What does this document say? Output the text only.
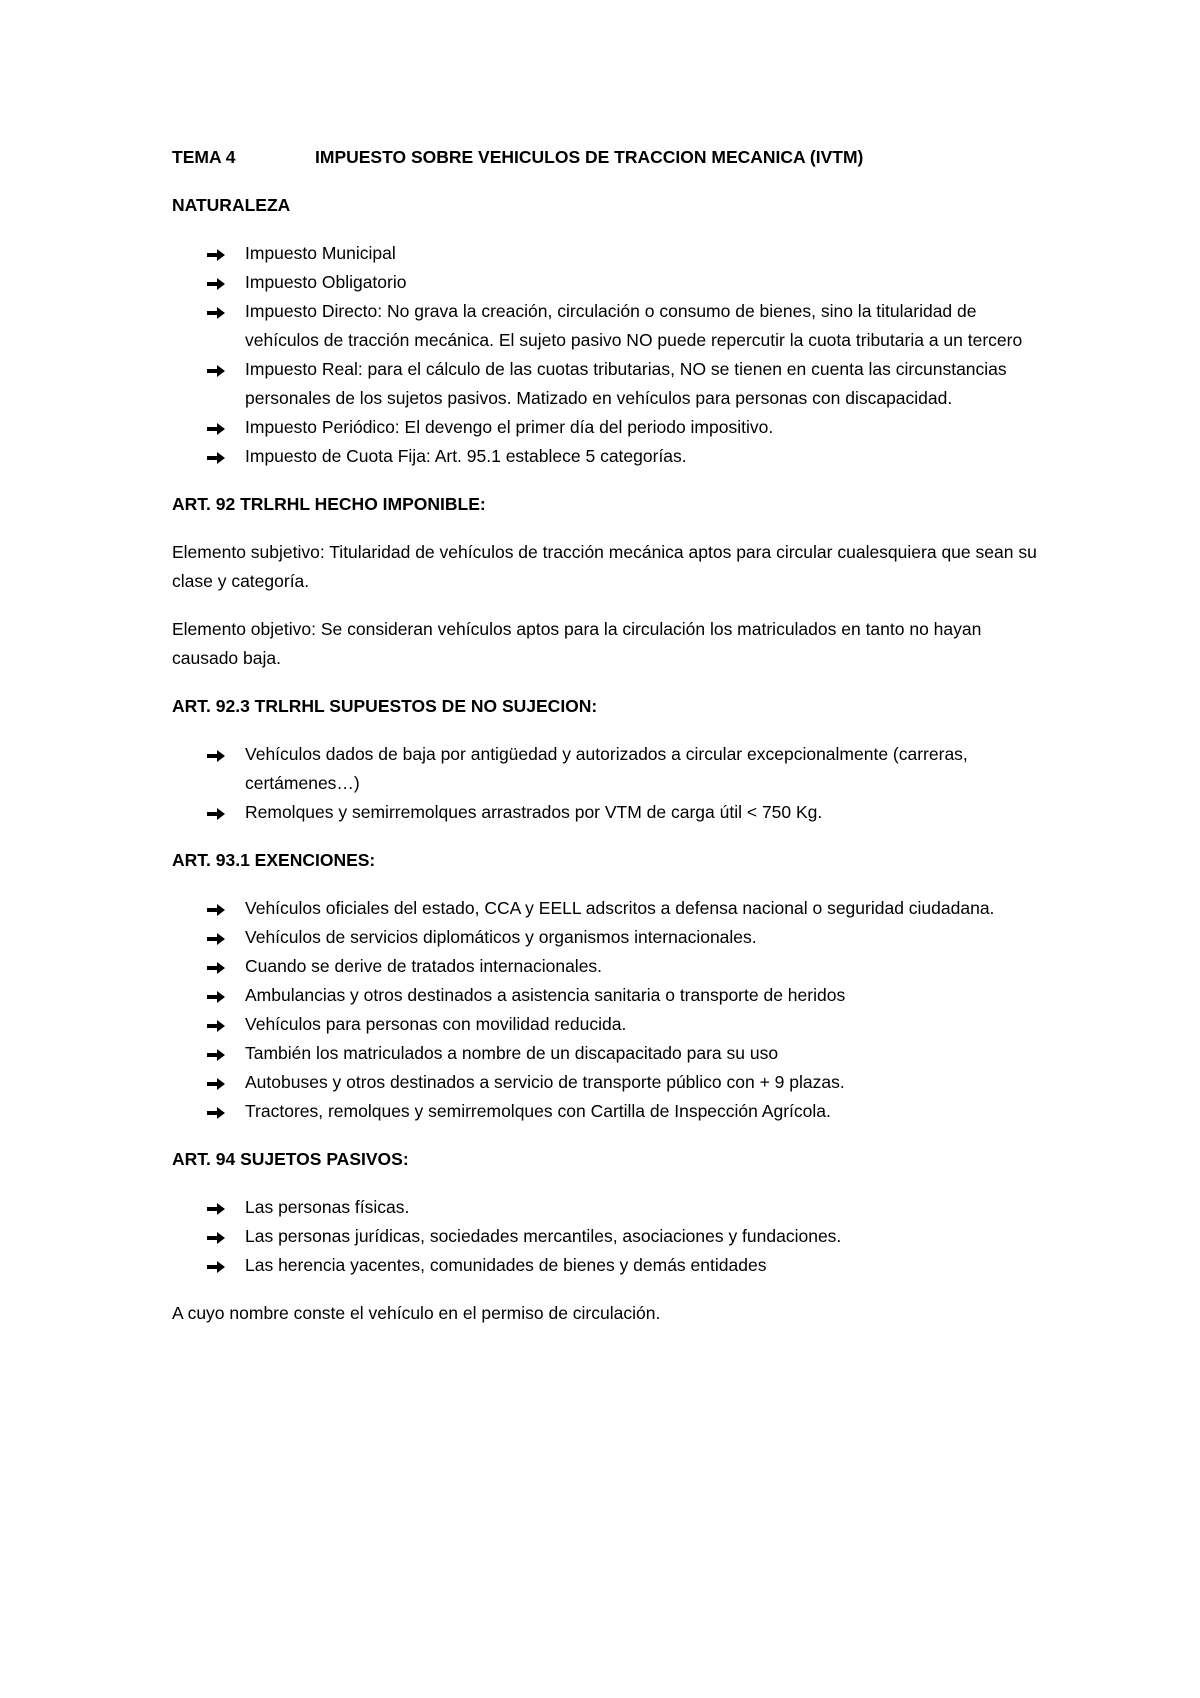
TEMA 4	IMPUESTO SOBRE VEHICULOS DE TRACCION MECANICA (IVTM)
NATURALEZA
Impuesto Municipal
Impuesto Obligatorio
Impuesto Directo: No grava la creación, circulación o consumo de bienes, sino la titularidad de vehículos de tracción mecánica. El sujeto pasivo NO puede repercutir la cuota tributaria a un tercero
Impuesto Real: para el cálculo de las cuotas tributarias, NO se tienen en cuenta las circunstancias personales de los sujetos pasivos. Matizado en vehículos para personas con discapacidad.
Impuesto Periódico: El devengo el primer día del periodo impositivo.
Impuesto de Cuota Fija: Art. 95.1 establece 5 categorías.
ART. 92 TRLRHL HECHO IMPONIBLE:

Elemento subjetivo: Titularidad de vehículos de tracción mecánica aptos para circular cualesquiera que sean su clase y categoría.

Elemento objetivo: Se consideran vehículos aptos para la circulación los matriculados en tanto no hayan causado baja.

ART. 92.3 TRLRHL SUPUESTOS DE NO SUJECION:
Vehículos dados de baja por antigüedad y autorizados a circular excepcionalmente (carreras, certámenes…)
Remolques y semirremolques arrastrados por VTM de carga útil < 750 Kg.
ART. 93.1 EXENCIONES:
Vehículos oficiales del estado, CCA y EELL adscritos a defensa nacional o seguridad ciudadana.
Vehículos de servicios diplomáticos y organismos internacionales.
Cuando se derive de tratados internacionales.
Ambulancias y otros destinados a asistencia sanitaria o transporte de heridos
Vehículos para personas con movilidad reducida.
También los matriculados a nombre de un discapacitado para su uso
Autobuses y otros destinados a servicio de transporte público con + 9 plazas.
Tractores, remolques y semirremolques con Cartilla de Inspección Agrícola.
ART. 94 SUJETOS PASIVOS:
Las personas físicas.
Las personas jurídicas, sociedades mercantiles, asociaciones y fundaciones.
Las herencia yacentes, comunidades de bienes y demás entidades

A cuyo nombre conste el vehículo en el permiso de circulación.
